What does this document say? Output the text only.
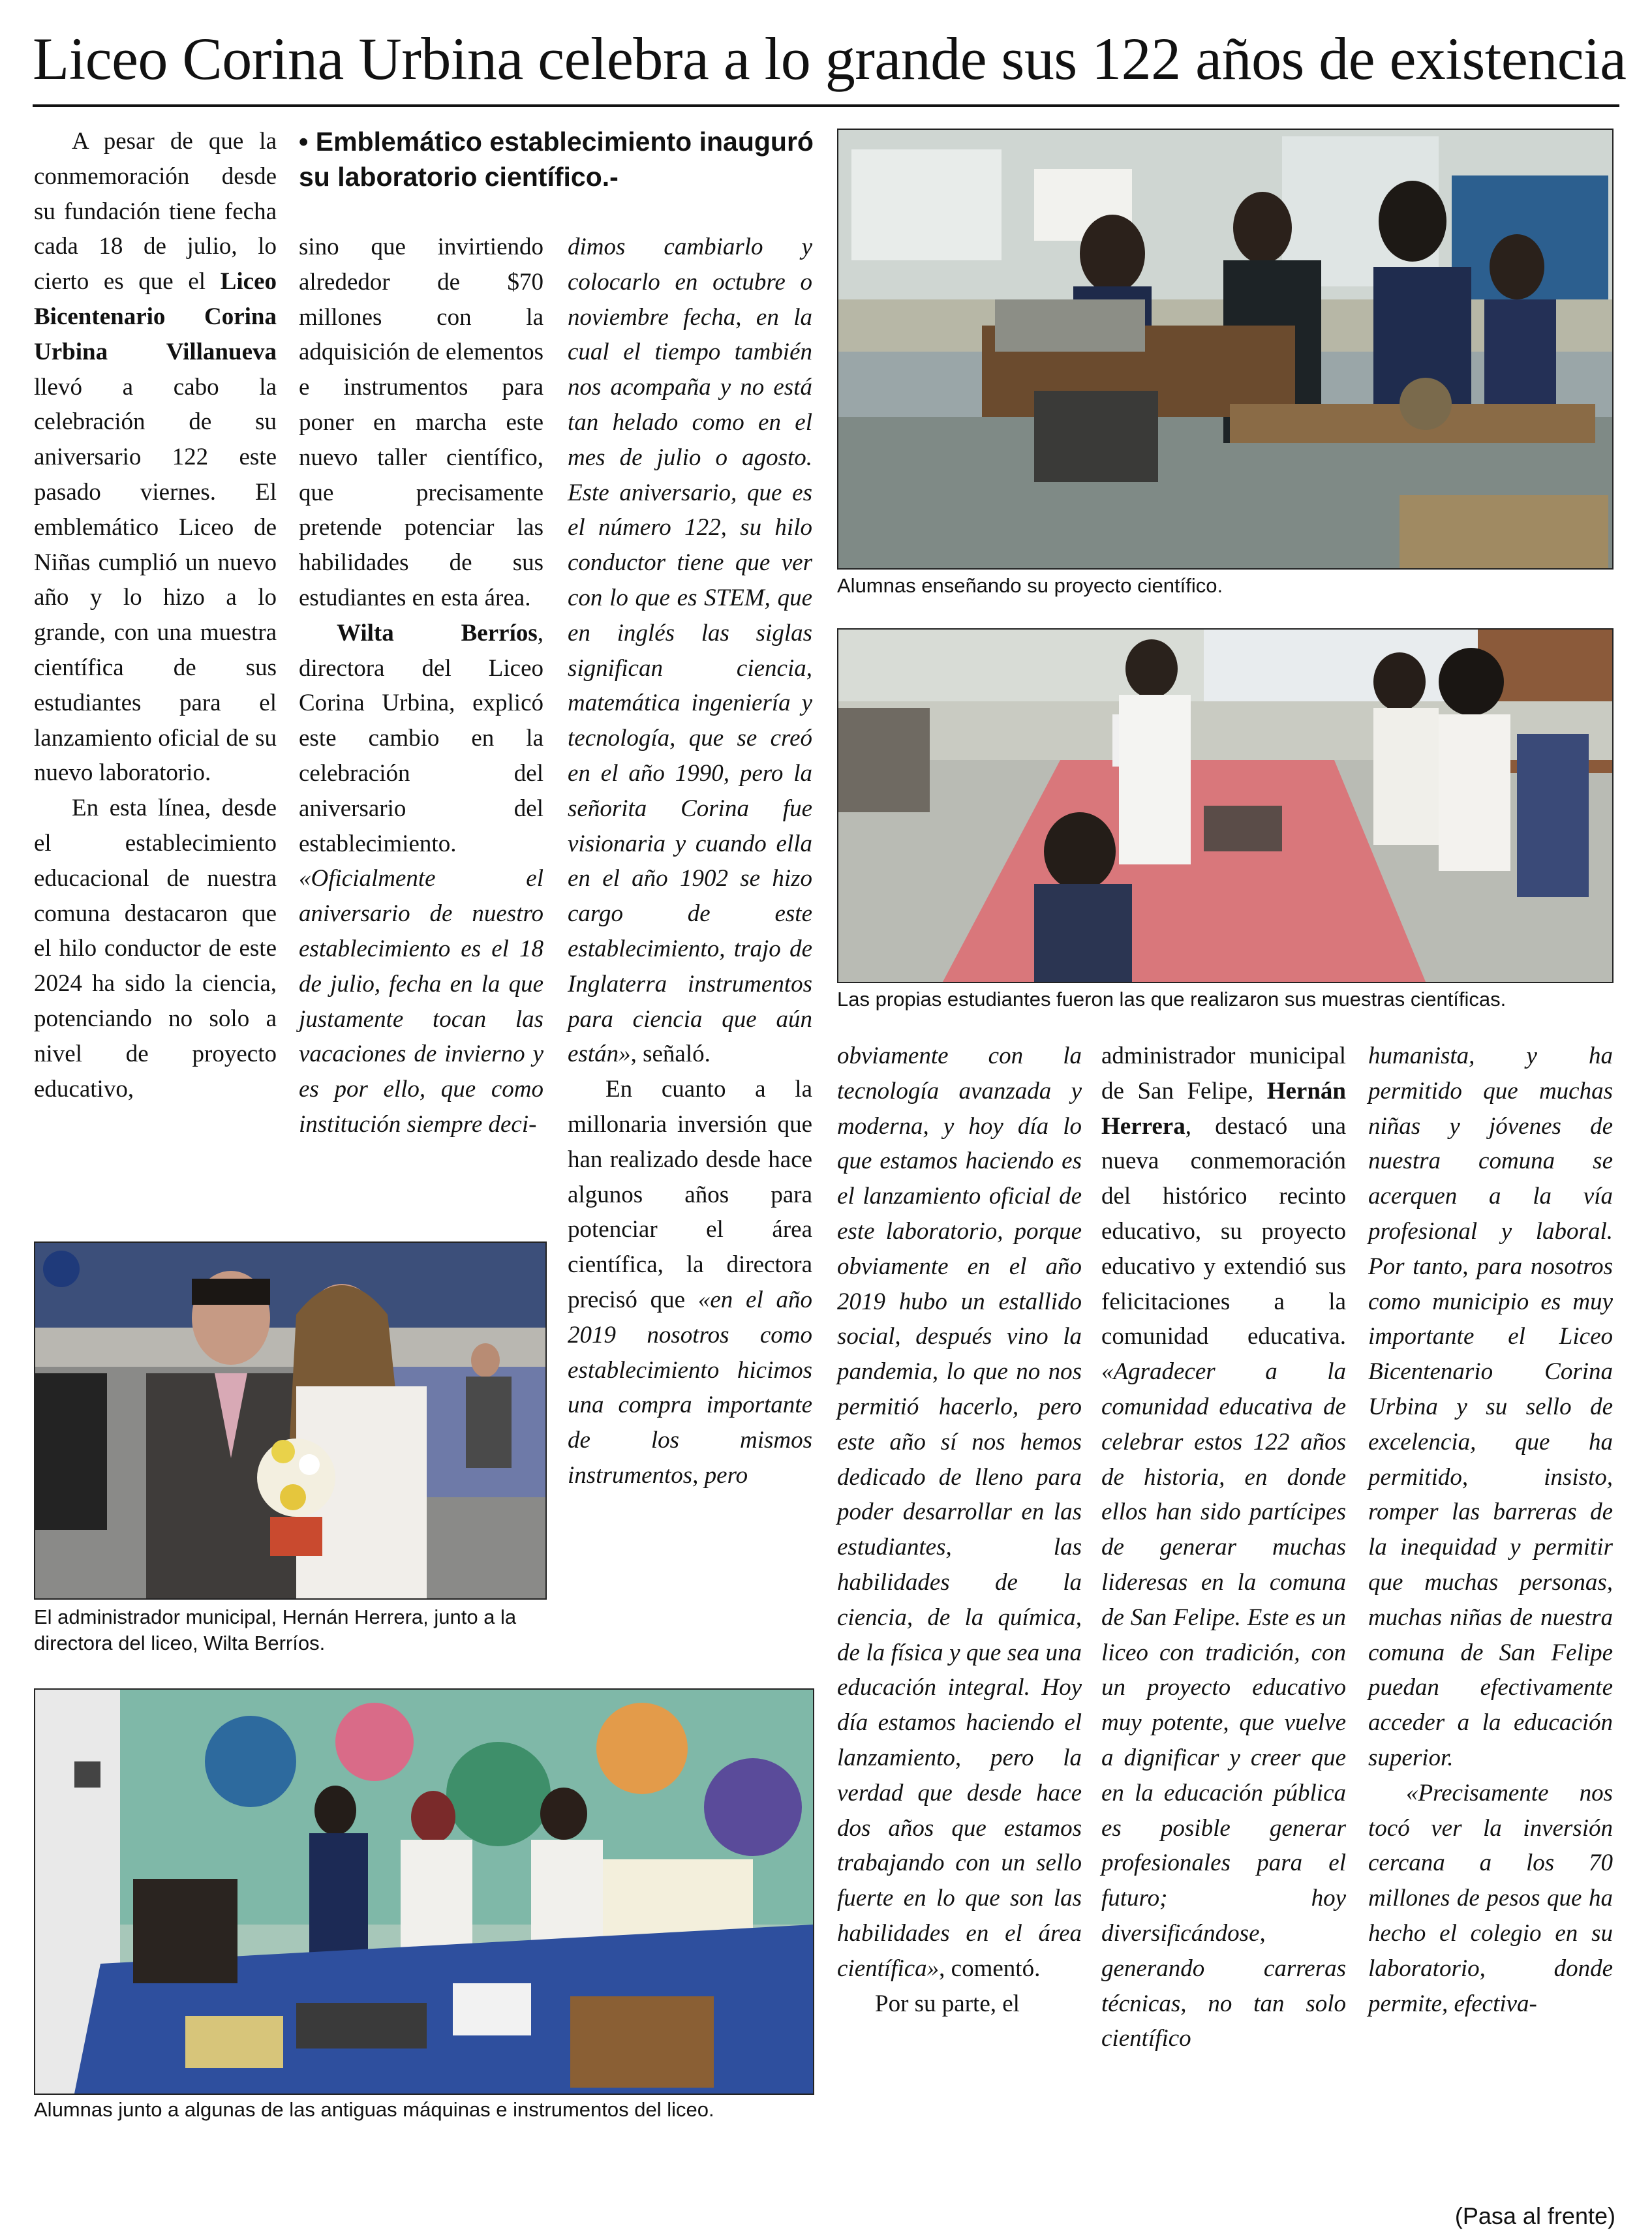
Liceo Corina Urbina celebra a lo grande sus 122 años de existencia

A pesar de que la conmemoración desde su fundación tiene fecha cada 18 de julio, lo cierto es que el Liceo Bicentenario Corina Urbina Villanueva llevó a cabo la celebración de su aniversario 122 este pasado viernes. El emblemático Liceo de Niñas cumplió un nuevo año y lo hizo a lo grande, con una muestra científica de sus estudiantes para el lanzamiento oficial de su nuevo laboratorio.

En esta línea, desde el establecimiento educacional de nuestra comuna destacaron que el hilo conductor de este 2024 ha sido la ciencia, potenciando no solo a nivel de proyecto educativo,

• Emblemático establecimiento inauguró su laboratorio científico.-

sino que invirtiendo alrededor de $70 millones con la adquisición de elementos e instrumentos para poner en marcha este nuevo taller científico, que precisamente pretende potenciar las habilidades de sus estudiantes en esta área.

Wilta Berríos, directora del Liceo Corina Urbina, explicó este cambio en la celebración del aniversario del establecimiento. «Oficialmente el aniversario de nuestro establecimiento es el 18 de julio, fecha en la que justamente tocan las vacaciones de invierno y es por ello, que como institución siempre deci-

dimos cambiarlo y colocarlo en octubre o noviembre fecha, en la cual el tiempo también nos acompaña y no está tan helado como en el mes de julio o agosto. Este aniversario, que es el número 122, su hilo conductor tiene que ver con lo que es STEM, que en inglés las siglas significan ciencia, matemática ingeniería y tecnología, que se creó en el año 1990, pero la señorita Corina fue visionaria y cuando ella en el año 1902 se hizo cargo de este establecimiento, trajo de Inglaterra instrumentos para ciencia que aún están», señaló.

En cuanto a la millonaria inversión que han realizado desde hace algunos años para potenciar el área científica, la directora precisó que «en el año 2019 nosotros como establecimiento hicimos una compra importante de los mismos instrumentos, pero

Alumnas enseñando su proyecto científico.
Las propias estudiantes fueron las que realizaron sus muestras científicas.

obviamente con la tecnología avanzada y moderna, y hoy día lo que estamos haciendo es el lanzamiento oficial de este laboratorio, porque obviamente en el año 2019 hubo un estallido social, después vino la pandemia, lo que no nos permitió hacerlo, pero este año sí nos hemos dedicado de lleno para poder desarrollar en las estudiantes, las habilidades de la ciencia, de la química, de la física y que sea una educación integral. Hoy día estamos haciendo el lanzamiento, pero la verdad que desde hace dos años que estamos trabajando con un sello fuerte en lo que son las habilidades en el área científica», comentó.

Por su parte, el

administrador municipal de San Felipe, Hernán Herrera, destacó una nueva conmemoración del histórico recinto educativo, su proyecto educativo y extendió sus felicitaciones a la comunidad educativa. «Agradecer a la comunidad educativa de celebrar estos 122 años de historia, en donde ellos han sido partícipes de generar muchas lideresas en la comuna de San Felipe. Este es un liceo con tradición, con un proyecto educativo muy potente, que vuelve a dignificar y creer que en la educación pública es posible generar profesionales para el futuro; hoy diversificándose, generando carreras técnicas, no tan solo científico

humanista, y ha permitido que muchas niñas y jóvenes de nuestra comuna se acerquen a la vía profesional y laboral. Por tanto, para nosotros como municipio es muy importante el Liceo Bicentenario Corina Urbina y su sello de excelencia, que ha permitido, insisto, romper las barreras de la inequidad y permitir que muchas personas, muchas niñas de nuestra comuna de San Felipe puedan efectivamente acceder a la educación superior.

«Precisamente nos tocó ver la inversión cercana a los 70 millones de pesos que ha hecho el colegio en su laboratorio, donde permite, efectiva-

El administrador municipal, Hernán Herrera, junto a la directora del liceo, Wilta Berríos.
Alumnas junto a algunas de las antiguas máquinas e instrumentos del liceo.
(Pasa al frente)
